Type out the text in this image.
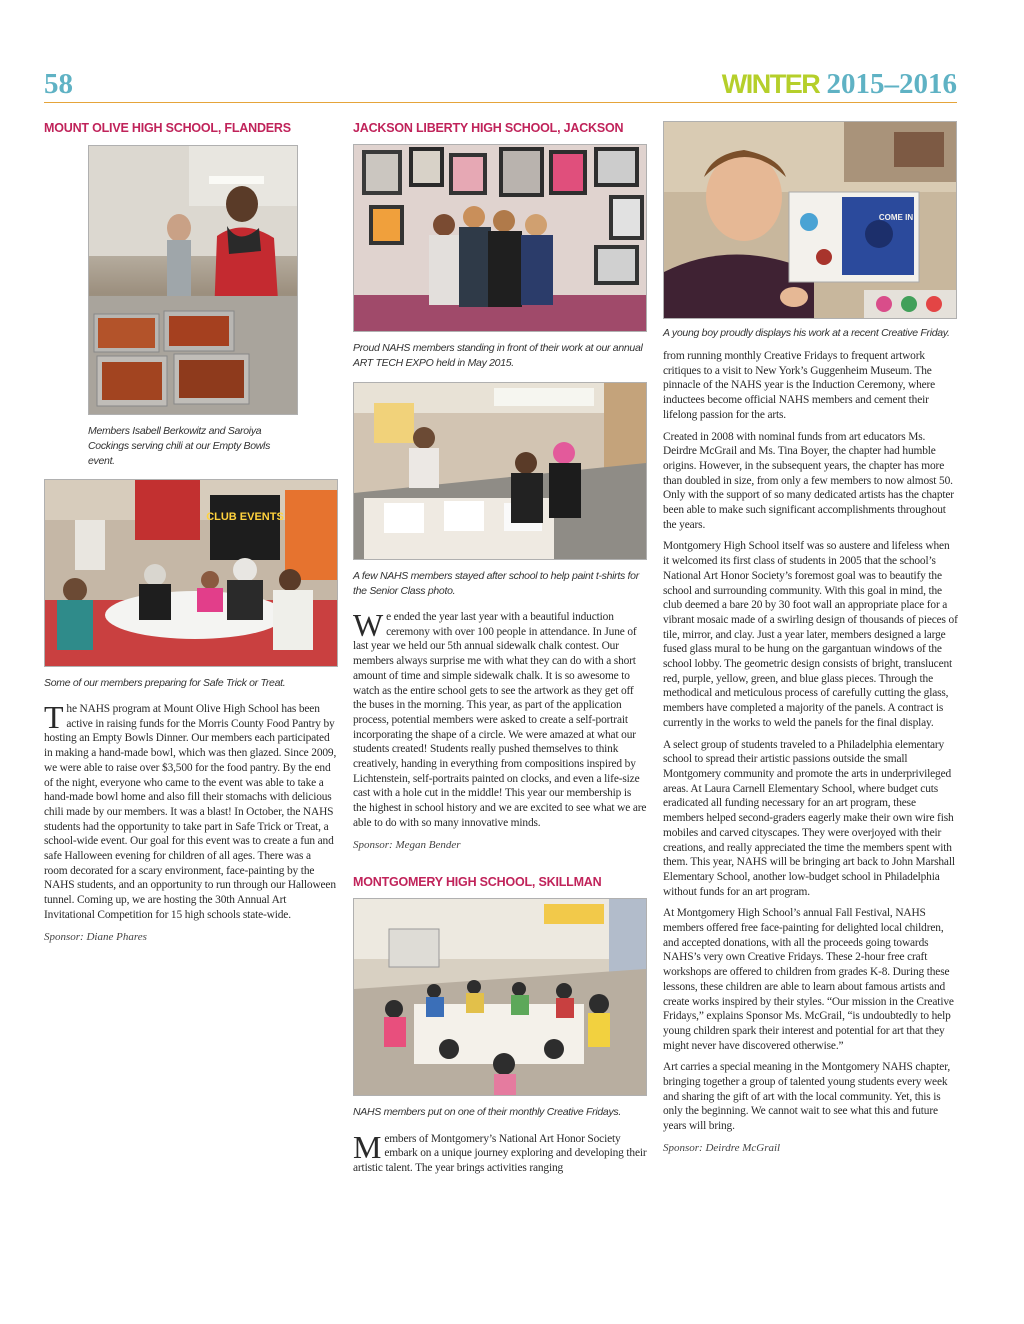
58	WINTER 2015–2016
MOUNT OLIVE HIGH SCHOOL, FLANDERS

Members Isabell Berkowitz and Saroiya Cockings serving chili at our Empty Bowls event.

CLUB EVENTS

Some of our members preparing for Safe Trick or Treat.

The NAHS program at Mount Olive High School has been active in raising funds for the Morris County Food Pantry by hosting an Empty Bowls Dinner. Our members each participated in making a hand-made bowl, which was then glazed. Since 2009, we were able to raise over $3,500 for the food pantry. By the end of the night, everyone who came to the event was able to take a hand-made bowl home and also fill their stomachs with delicious chili made by our members. It was a blast! In October, the NAHS students had the opportunity to take part in Safe Trick or Treat, a school-wide event. Our goal for this event was to create a fun and safe Halloween evening for children of all ages. There was a room decorated for a scary environment, face-painting by the NAHS students, and an opportunity to run through our Halloween tunnel. Coming up, we are hosting the 30th Annual Art Invitational Competition for 15 high schools state-wide.

Sponsor: Diane Phares

JACKSON LIBERTY HIGH SCHOOL, JACKSON

Proud NAHS members standing in front of their work at our annual ART TECH EXPO held in May 2015.

A few NAHS members stayed after school to help paint t-shirts for the Senior Class photo.

We ended the year last year with a beautiful induction ceremony with over 100 people in attendance. In June of last year we held our 5th annual sidewalk chalk contest. Our members always surprise me with what they can do with a short amount of time and simple sidewalk chalk. It is so awesome to watch as the entire school gets to see the artwork as they get off the buses in the morning. This year, as part of the application process, potential members were asked to create a self-portrait incorporating the shape of a circle. We were amazed at what our students created! Students really pushed themselves to think creatively, handing in everything from compositions inspired by Lichtenstein, self-portraits painted on clocks, and even a life-size cast with a hole cut in the middle! This year our membership is the highest in school history and we are excited to see what we are able to do with so many innovative minds.

Sponsor: Megan Bender

MONTGOMERY HIGH SCHOOL, SKILLMAN

NAHS members put on one of their monthly Creative Fridays.

Members of Montgomery’s National Art Honor Society embark on a unique journey exploring and developing their artistic talent. The year brings activities ranging

COME IN

A young boy proudly displays his work at a recent Creative Friday.

from running monthly Creative Fridays to frequent artwork critiques to a visit to New York’s Guggenheim Museum. The pinnacle of the NAHS year is the Induction Ceremony, where inductees become official NAHS members and cement their lifelong passion for the arts.

Created in 2008 with nominal funds from art educators Ms. Deirdre McGrail and Ms. Tina Boyer, the chapter had humble origins. However, in the subsequent years, the chapter has more than doubled in size, from only a few members to now almost 50. Only with the support of so many dedicated artists has the chapter been able to make such significant accomplishments throughout the years.

Montgomery High School itself was so austere and lifeless when it welcomed its first class of students in 2005 that the school’s National Art Honor Society’s foremost goal was to beautify the school and surrounding community. With this goal in mind, the club deemed a bare 20 by 30 foot wall an appropriate place for a vibrant mosaic made of a swirling design of thousands of pieces of tile, mirror, and clay. Just a year later, members designed a large fused glass mural to be hung on the gargantuan windows of the school lobby. The geometric design consists of bright, translucent red, purple, yellow, green, and blue glass pieces. Through the methodical and meticulous process of carefully cutting the glass, members have completed a majority of the panels. A contract is currently in the works to weld the panels for the final display.

A select group of students traveled to a Philadelphia elementary school to spread their artistic passions outside the small Montgomery community and promote the arts in underprivileged areas. At Laura Carnell Elementary School, where budget cuts eradicated all funding necessary for an art program, these members helped second-graders eagerly make their own wire fish mobiles and carved cityscapes. They were overjoyed with their creations, and really appreciated the time the members spent with them. This year, NAHS will be bringing art back to John Marshall Elementary School, another low-budget school in Philadelphia without funds for an art program.

At Montgomery High School’s annual Fall Festival, NAHS members offered free face-painting for delighted local children, and accepted donations, with all the proceeds going towards NAHS’s very own Creative Fridays. These 2-hour free craft workshops are offered to children from grades K-8. During these lessons, these children are able to learn about famous artists and create works inspired by their styles. “Our mission in the Creative Fridays,” explains Sponsor Ms. McGrail, “is undoubtedly to help young children spark their interest and potential for art that they might never have discovered otherwise.”

Art carries a special meaning in the Montgomery NAHS chapter, bringing together a group of talented young students every week and sharing the gift of art with the local community. Yet, this is only the beginning. We cannot wait to see what this and future years will bring.

Sponsor: Deirdre McGrail
